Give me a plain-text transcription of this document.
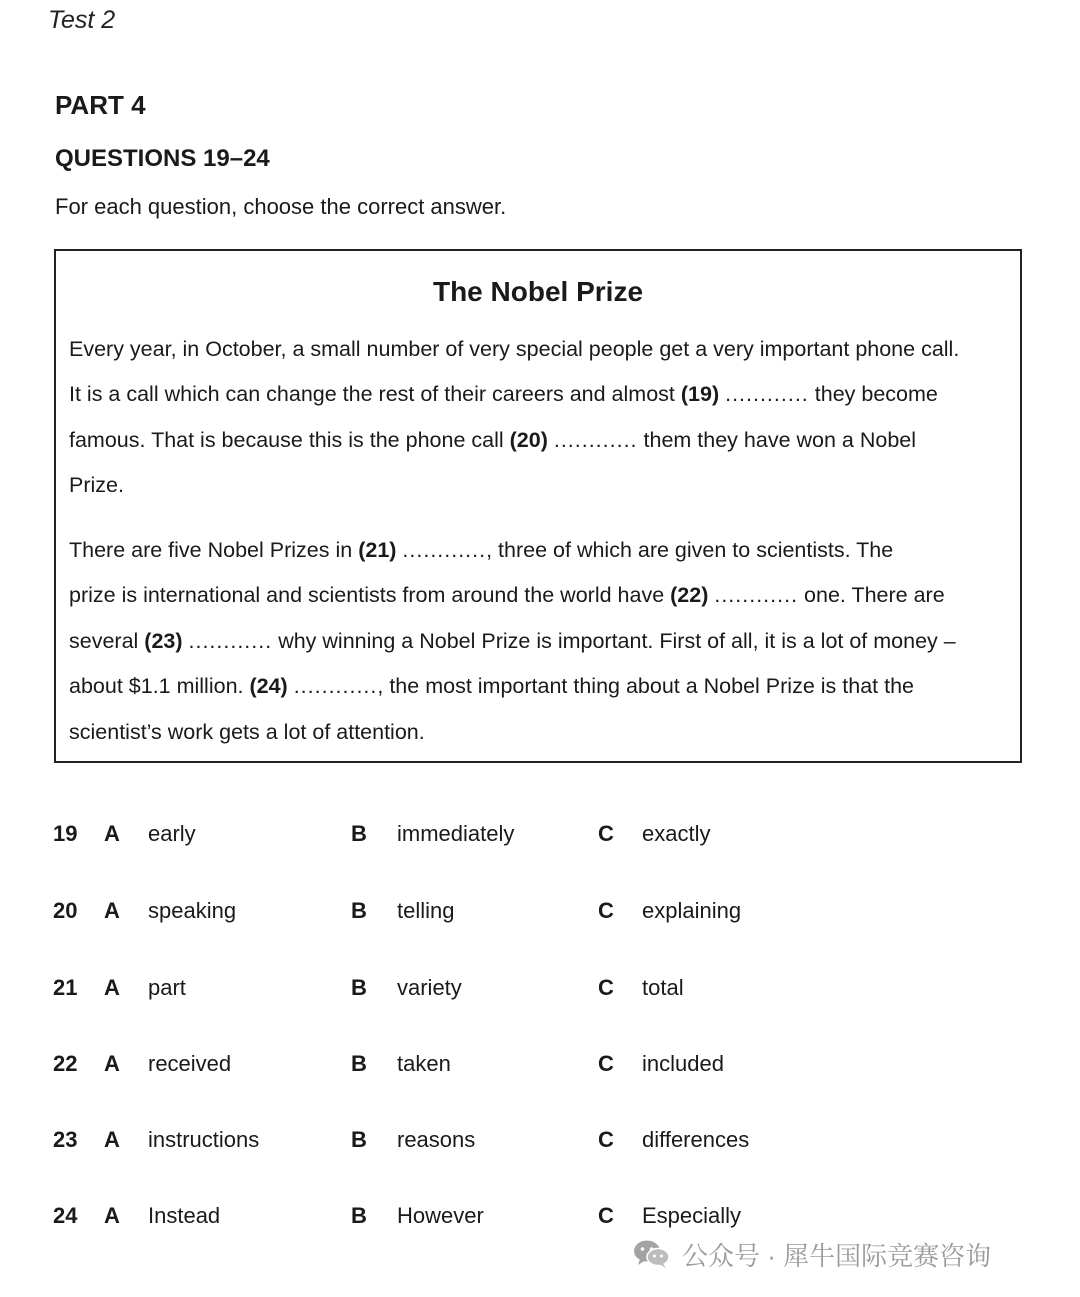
Test 2
PART 4
QUESTIONS 19–24
For each question, choose the correct answer.
The Nobel Prize
Every year, in October, a small number of very special people get a very important phone call.
It is a call which can change the rest of their careers and almost (19) ............ they become
famous. That is because this is the phone call (20) ............ them they have won a Nobel
Prize.
There are five Nobel Prizes in (21) ............, three of which are given to scientists. The
prize is international and scientists from around the world have (22) ............ one. There are
several (23) ............ why winning a Nobel Prize is important. First of all, it is a lot of money –
about $1.1 million. (24) ............, the most important thing about a Nobel Prize is that the
scientist’s work gets a lot of attention.
19 A early	B immediately	C exactly
20 A speaking	B telling	C explaining
21 A part	B variety	C total
22 A received	B taken	C included
23 A instructions	B reasons	C differences
24 A Instead	B However	C Especially
公众号 · 犀牛国际竞赛咨询
